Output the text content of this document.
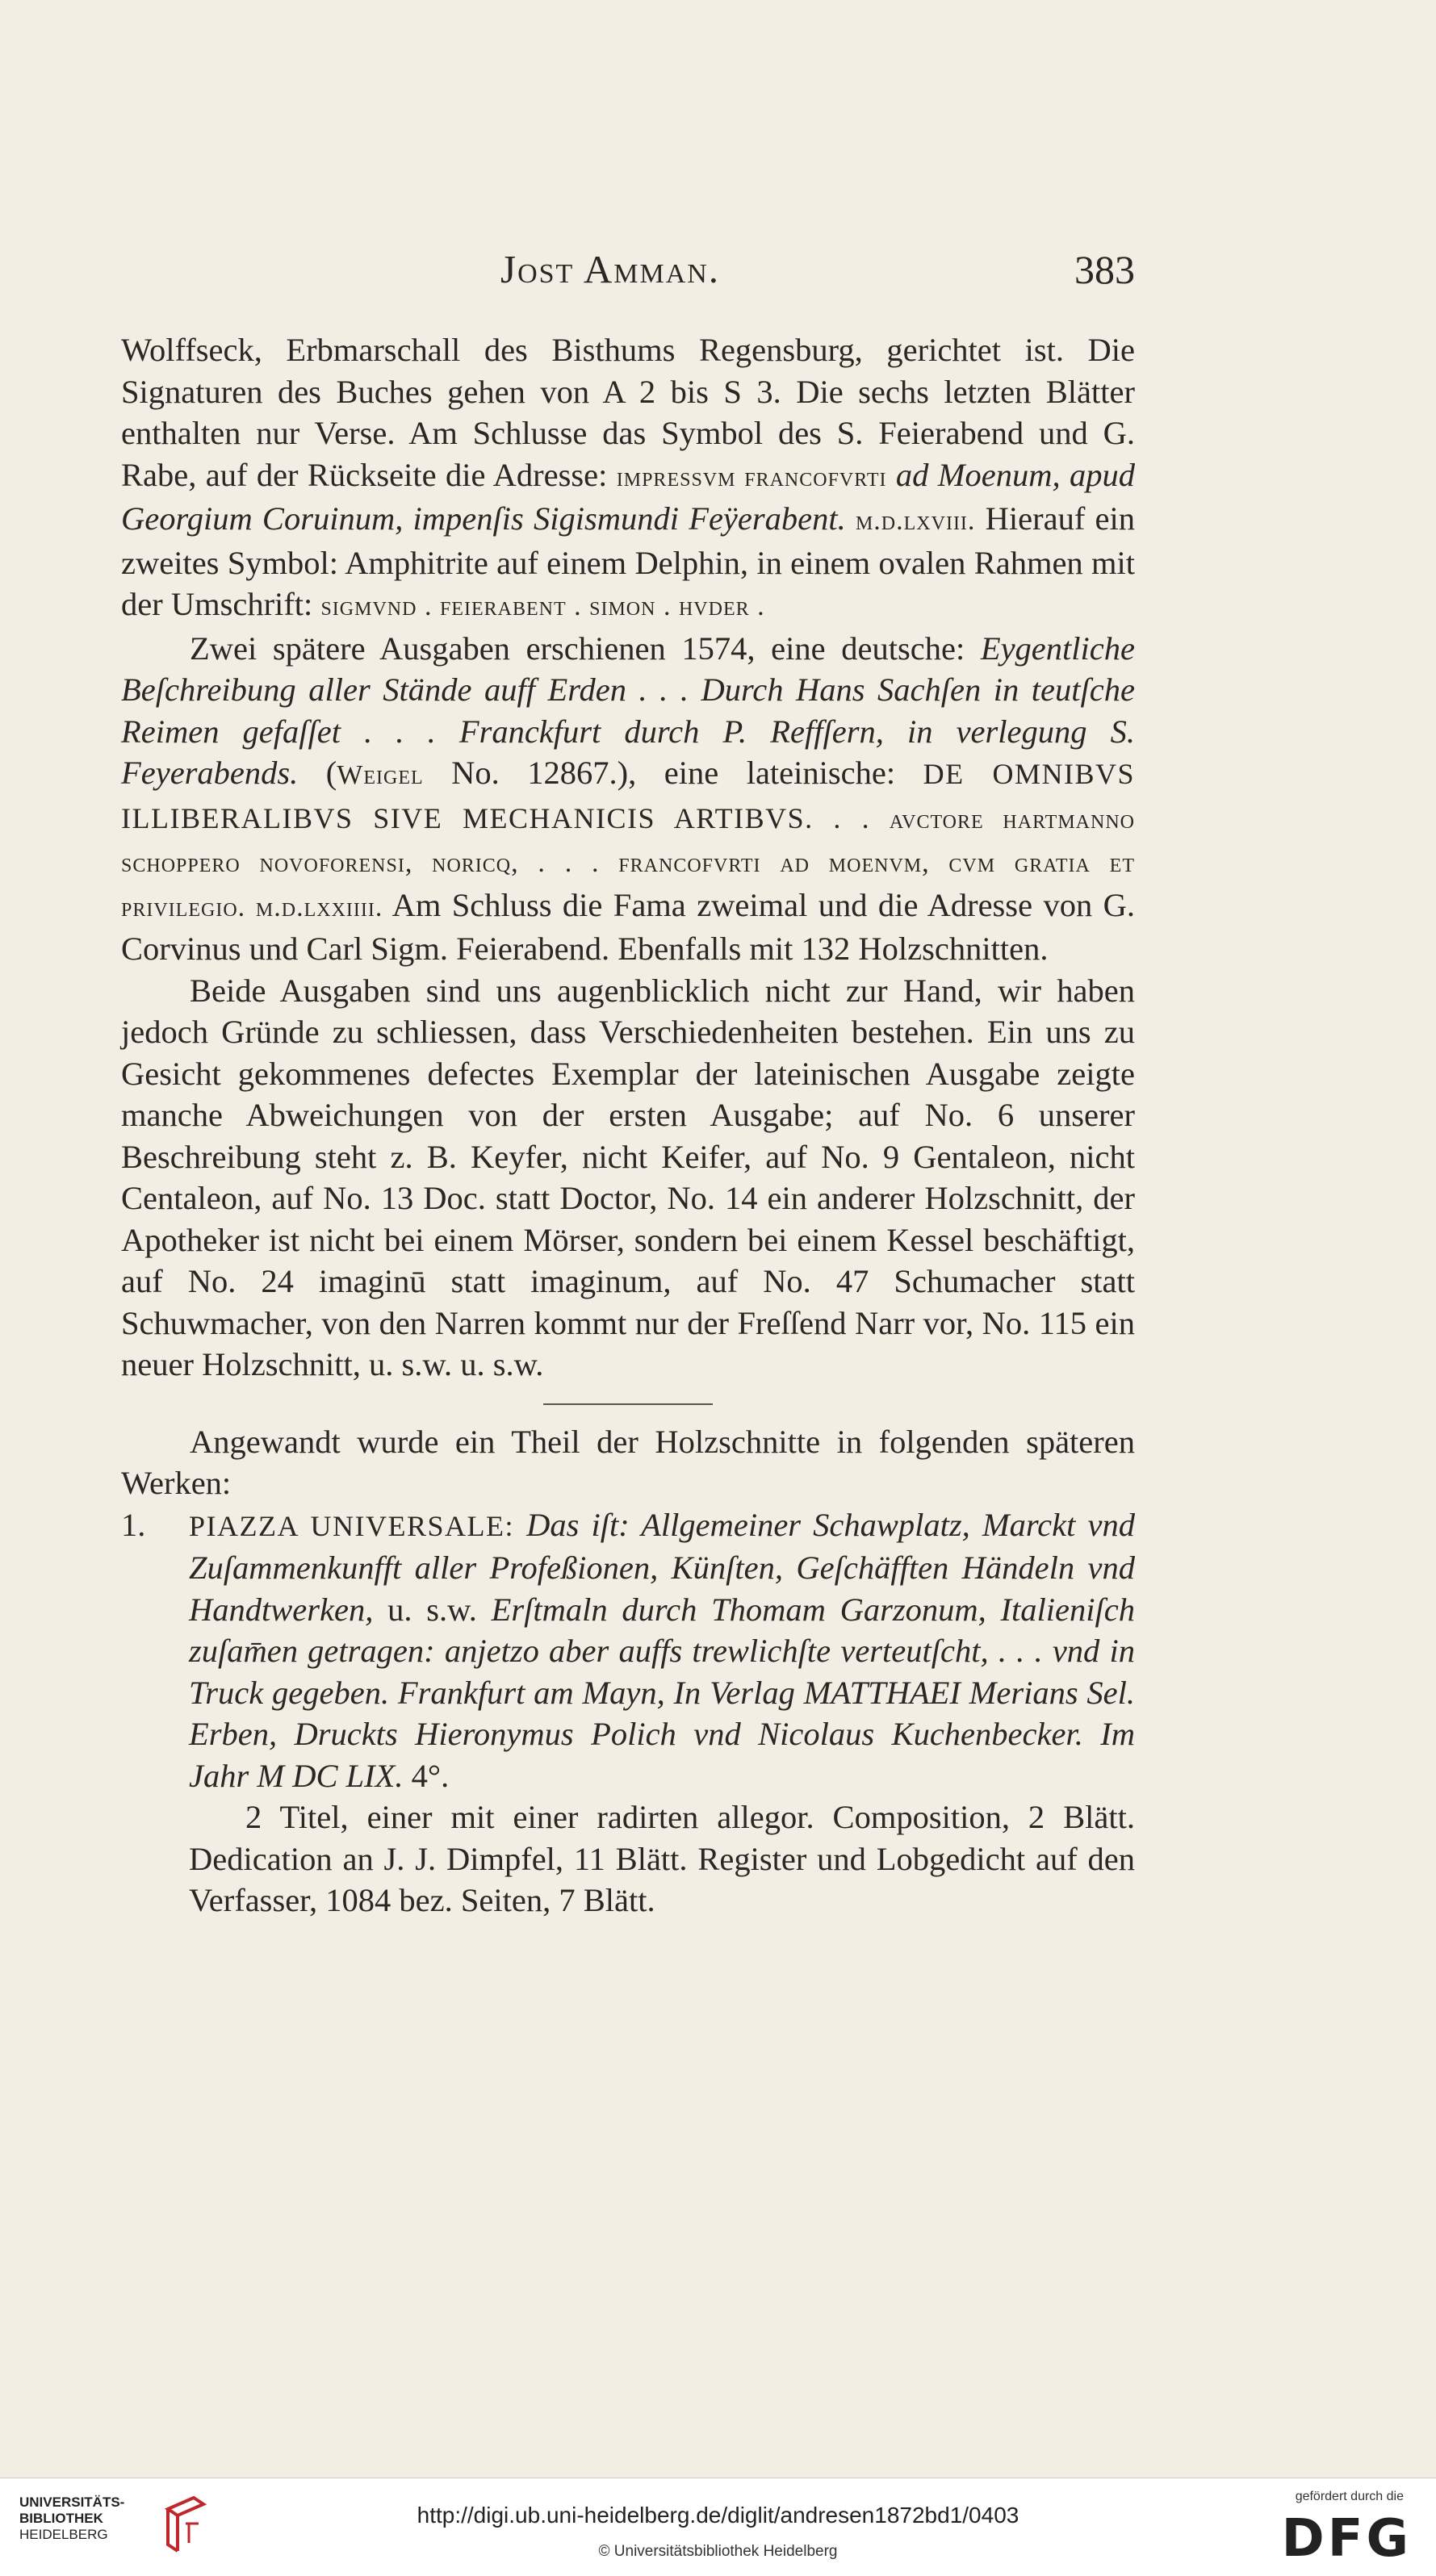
Jost Amman.	383

Wolffseck, Erbmarschall des Bisthums Regensburg, gerichtet ist. Die Signaturen des Buches gehen von A 2 bis S 3. Die sechs letzten Blätter enthalten nur Verse. Am Schlusse das Symbol des S. Feierabend und G. Rabe, auf der Rückseite die Adresse: impressvm francofvrti ad Moenum, apud Georgium Coruinum, impenſis Sigismundi Feÿerabent. m.d.lxviii. Hierauf ein zweites Symbol: Amphitrite auf einem Delphin, in einem ovalen Rahmen mit der Umschrift: sigmvnd . feierabent . simon . hvder .

Zwei spätere Ausgaben erschienen 1574, eine deutsche: Eygentliche Beſchreibung aller Stände auff Erden . . . Durch Hans Sachſen in teutſche Reimen gefaſſet . . . Franckfurt durch P. Reffſern, in verlegung S. Feyerabends. (Weigel No. 12867.), eine lateinische: DE OMNIBVS ILLIBERALIBVS SIVE MECHANICIS ARTIBVS. . . avctore hartmanno schoppero novoforensi, noricq, . . . francofvrti ad moenvm, cvm gratia et privilegio. m.d.lxxiiii. Am Schluss die Fama zweimal und die Adresse von G. Corvinus und Carl Sigm. Feierabend. Ebenfalls mit 132 Holzschnitten.

Beide Ausgaben sind uns augenblicklich nicht zur Hand, wir haben jedoch Gründe zu schliessen, dass Verschiedenheiten bestehen. Ein uns zu Gesicht gekommenes defectes Exemplar der lateinischen Ausgabe zeigte manche Abweichungen von der ersten Ausgabe; auf No. 6 unserer Beschreibung steht z. B. Keyfer, nicht Keifer, auf No. 9 Gentaleon, nicht Centaleon, auf No. 13 Doc. statt Doctor, No. 14 ein anderer Holzschnitt, der Apotheker ist nicht bei einem Mörser, sondern bei einem Kessel beschäftigt, auf No. 24 imaginū statt imaginum, auf No. 47 Schumacher statt Schuwmacher, von den Narren kommt nur der Freſſend Narr vor, No. 115 ein neuer Holzschnitt, u. s.w. u. s.w.

Angewandt wurde ein Theil der Holzschnitte in folgenden späteren Werken:

1. PIAZZA UNIVERSALE: Das iſt: Allgemeiner Schawplatz, Marckt vnd Zuſammenkunfft aller Profeßionen, Künſten, Geſchäfften Händeln vnd Handtwerken, u. s.w. Erſtmaln durch Thomam Garzonum, Italieniſch zuſam̄en getragen: anjetzo aber auffs trewlichſte verteutſcht, . . . vnd in Truck gegeben. Frankfurt am Mayn, In Verlag MATTHAEI Merians Sel. Erben, Druckts Hieronymus Polich vnd Nicolaus Kuchenbecker. Im Jahr M DC LIX. 4°.

2 Titel, einer mit einer radirten allegor. Composition, 2 Blätt. Dedication an J. J. Dimpfel, 11 Blätt. Register und Lobgedicht auf den Verfasser, 1084 bez. Seiten, 7 Blätt.

UNIVERSITÄTS-
BIBLIOTHEK
HEIDELBERG
http://digi.ub.uni-heidelberg.de/diglit/andresen1872bd1/0403
© Universitätsbibliothek Heidelberg
gefördert durch die
DFG
